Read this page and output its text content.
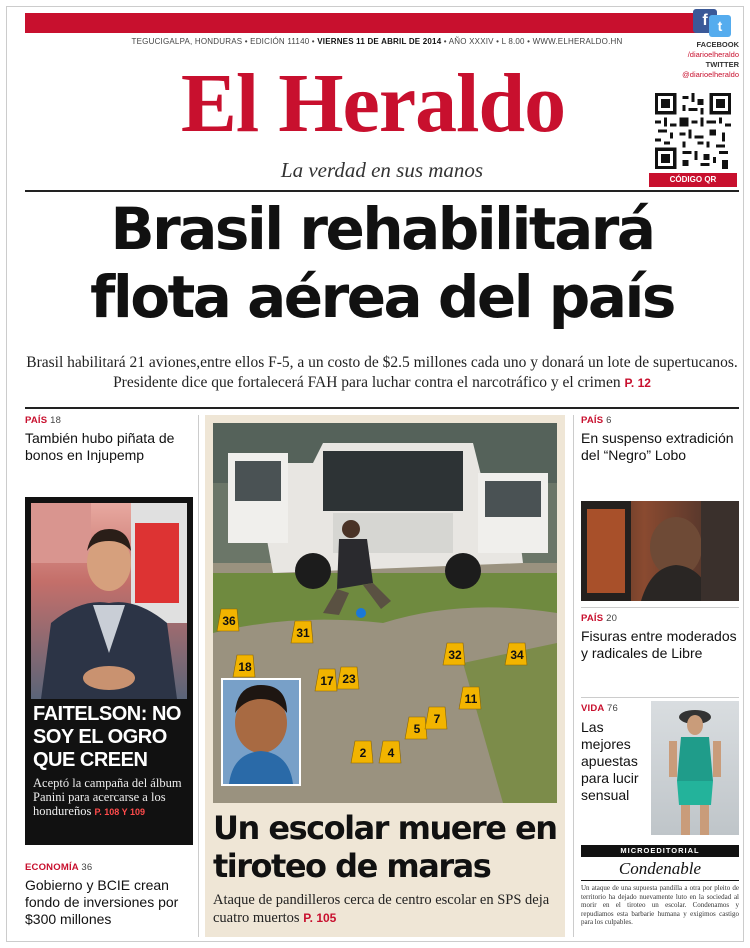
f t
TEGUCIGALPA, HONDURAS • EDICIÓN 11140 • VIERNES 11 DE ABRIL DE 2014 • AÑO XXXIV • L 8.00 • WWW.ELHERALDO.HN	FACEBOOK
/diarioelheraldo
TWITTER
@diarioelheraldo
El Heraldo
La verdad en sus manos	CÓDIGO QR
Brasil rehabilitará
flota aérea del país
Brasil habilitará 21 aviones,entre ellos F-5, a un costo de $2.5 millones cada uno y donará un lote de supertucanos. Presidente dice que fortalecerá FAH para luchar contra el narcotráfico y el crimen P. 12
PAÍS 18
También hubo piñata de bonos en Injupemp
FAITELSON: NO SOY EL OGRO QUE CREEN
Aceptó la campaña del álbum Panini para acercarse a los hondureños P. 108 Y 109
ECONOMÍA 36
Gobierno y BCIE crean fondo de inversiones por $300 millones
36
31
32	34
18
17 23
2 4
5
7
11
Un escolar muere en tiroteo de maras
Ataque de pandilleros cerca de centro escolar en SPS deja cuatro muertos P. 105
PAÍS 6
En suspenso extradición del “Negro” Lobo
PAÍS 20
Fisuras entre moderados y radicales de Libre
VIDA 76
Las mejores apuestas para lucir sensual
MICROEDITORIAL
Condenable
Un ataque de una supuesta pandilla a otra por pleito de territorio ha dejado nuevamente luto en la sociedad al morir en el tiroteo un escolar. Condenamos y repudiamos esta barbarie humana y exigimos castigo para los culpables.
